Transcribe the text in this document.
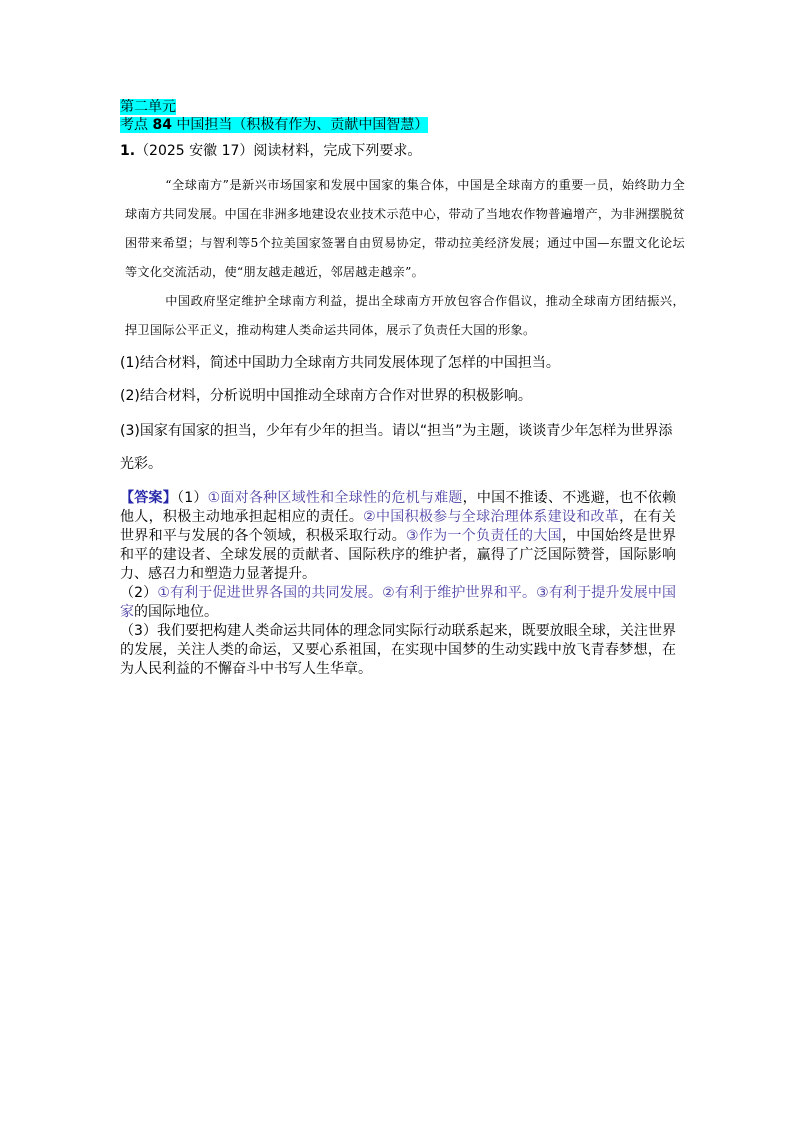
第二单元
考点 84 中国担当（积极有作为、贡献中国智慧）
1.（2025 安徽 17）阅读材料，完成下列要求。

“全球南方”是新兴市场国家和发展中国家的集合体，中国是全球南方的重要一员，始终助力全球南方共同发展。中国在非洲多地建设农业技术示范中心，带动了当地农作物普遍增产，为非洲摆脱贫困带来希望；与智利等5个拉美国家签署自由贸易协定，带动拉美经济发展；通过中国—东盟文化论坛等文化交流活动，使“朋友越走越近，邻居越走越亲”。

中国政府坚定维护全球南方利益，提出全球南方开放包容合作倡议，推动全球南方团结振兴，捍卫国际公平正义，推动构建人类命运共同体，展示了负责任大国的形象。

(1)结合材料，简述中国助力全球南方共同发展体现了怎样的中国担当。
(2)结合材料，分析说明中国推动全球南方合作对世界的积极影响。
(3)国家有国家的担当，少年有少年的担当。请以“担当”为主题，谈谈青少年怎样为世界添光彩。
【答案】（1）①面对各种区域性和全球性的危机与难题，中国不推诿、不逃避，也不依赖他人，积极主动地承担起相应的责任。②中国积极参与全球治理体系建设和改革，在有关世界和平与发展的各个领域，积极采取行动。③作为一个负责任的大国，中国始终是世界和平的建设者、全球发展的贡献者、国际秩序的维护者，赢得了广泛国际赞誉，国际影响力、感召力和塑造力显著提升。
（2）①有利于促进世界各国的共同发展。②有利于维护世界和平。③有利于提升发展中国家的国际地位。
（3）我们要把构建人类命运共同体的理念同实际行动联系起来，既要放眼全球，关注世界的发展，关注人类的命运，又要心系祖国，在实现中国梦的生动实践中放飞青春梦想，在为人民利益的不懈奋斗中书写人生华章。
